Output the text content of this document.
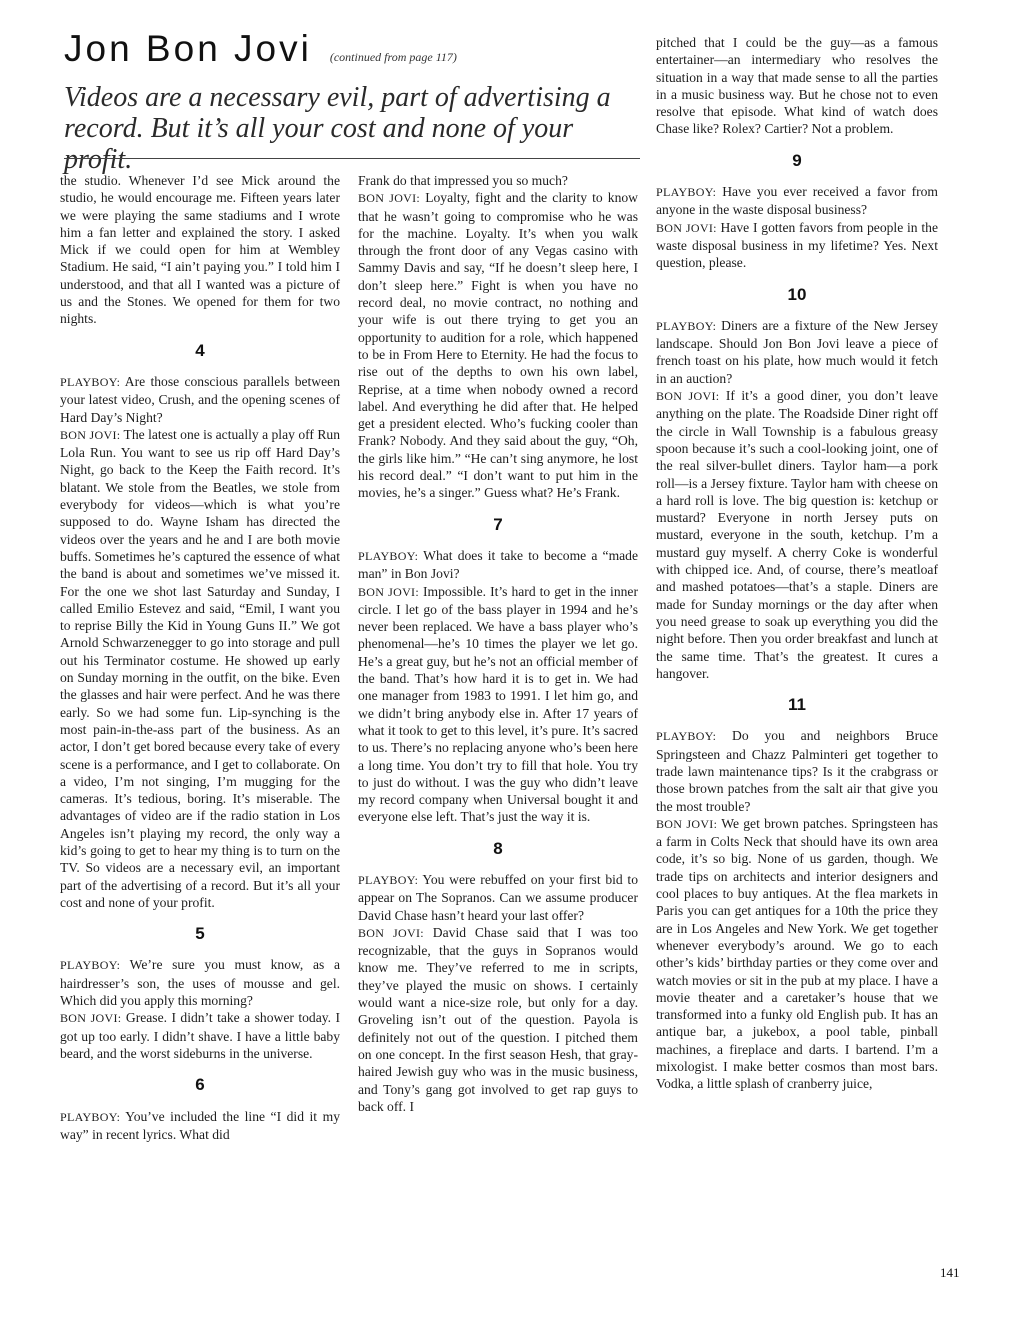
Jon Bon Jovi (continued from page 117)
Videos are a necessary evil, part of advertising a record. But it’s all your cost and none of your profit.

the studio. Whenever I’d see Mick around the studio, he would encourage me. Fifteen years later we were playing the same stadiums and I wrote him a fan letter and explained the story. I asked Mick if we could open for him at Wembley Stadium. He said, “I ain’t paying you.” I told him I understood, and that all I wanted was a picture of us and the Stones. We opened for them for two nights.

4

PLAYBOY: Are those conscious parallels between your latest video, Crush, and the opening scenes of Hard Day’s Night?

BON JOVI: The latest one is actually a play off Run Lola Run. You want to see us rip off Hard Day’s Night, go back to the Keep the Faith record. It’s blatant. We stole from the Beatles, we stole from everybody for videos—which is what you’re supposed to do. Wayne Isham has directed the videos over the years and he and I are both movie buffs. Sometimes he’s captured the essence of what the band is about and sometimes we’ve missed it. For the one we shot last Saturday and Sunday, I called Emilio Estevez and said, “Emil, I want you to reprise Billy the Kid in Young Guns II.” We got Arnold Schwarzenegger to go into storage and pull out his Terminator costume. He showed up early on Sunday morning in the outfit, on the bike. Even the glasses and hair were perfect. And he was there early. So we had some fun. Lip-synching is the most pain-in-the-ass part of the business. As an actor, I don’t get bored because every take of every scene is a performance, and I get to collaborate. On a video, I’m not singing, I’m mugging for the cameras. It’s tedious, boring. It’s miserable. The advantages of video are if the radio station in Los Angeles isn’t playing my record, the only way a kid’s going to get to hear my thing is to turn on the TV. So videos are a necessary evil, an important part of the advertising of a record. But it’s all your cost and none of your profit.

5

PLAYBOY: We’re sure you must know, as a hairdresser’s son, the uses of mousse and gel. Which did you apply this morning?

BON JOVI: Grease. I didn’t take a shower today. I got up too early. I didn’t shave. I have a little baby beard, and the worst sideburns in the universe.

6

PLAYBOY: You’ve included the line “I did it my way” in recent lyrics. What did

Frank do that impressed you so much?

BON JOVI: Loyalty, fight and the clarity to know that he wasn’t going to compromise who he was for the machine. Loyalty. It’s when you walk through the front door of any Vegas casino with Sammy Davis and say, “If he doesn’t sleep here, I don’t sleep here.” Fight is when you have no record deal, no movie contract, no nothing and your wife is out there trying to get you an opportunity to audition for a role, which happened to be in From Here to Eternity. He had the focus to rise out of the depths to own his own label, Reprise, at a time when nobody owned a record label. And everything he did after that. He helped get a president elected. Who’s fucking cooler than Frank? Nobody. And they said about the guy, “Oh, the girls like him.” “He can’t sing anymore, he lost his record deal.” “I don’t want to put him in the movies, he’s a singer.” Guess what? He’s Frank.

7

PLAYBOY: What does it take to become a “made man” in Bon Jovi?

BON JOVI: Impossible. It’s hard to get in the inner circle. I let go of the bass player in 1994 and he’s never been replaced. We have a bass player who’s phenomenal—he’s 10 times the player we let go. He’s a great guy, but he’s not an official member of the band. That’s how hard it is to get in. We had one manager from 1983 to 1991. I let him go, and we didn’t bring anybody else in. After 17 years of what it took to get to this level, it’s pure. It’s sacred to us. There’s no replacing anyone who’s been here a long time. You don’t try to fill that hole. You try to just do without. I was the guy who didn’t leave my record company when Universal bought it and everyone else left. That’s just the way it is.

8

PLAYBOY: You were rebuffed on your first bid to appear on The Sopranos. Can we assume producer David Chase hasn’t heard your last offer?

BON JOVI: David Chase said that I was too recognizable, that the guys in Sopranos would know me. They’ve referred to me in scripts, they’ve played the music on shows. I certainly would want a nice-size role, but only for a day. Groveling isn’t out of the question. Payola is definitely not out of the question. I pitched them on one concept. In the first season Hesh, that gray-haired Jewish guy who was in the music business, and Tony’s gang got involved to get rap guys to back off. I

pitched that I could be the guy—as a famous entertainer—an intermediary who resolves the situation in a way that made sense to all the parties in a music business way. But he chose not to even resolve that episode. What kind of watch does Chase like? Rolex? Cartier? Not a problem.

9

PLAYBOY: Have you ever received a favor from anyone in the waste disposal business?

BON JOVI: Have I gotten favors from people in the waste disposal business in my lifetime? Yes. Next question, please.

10

PLAYBOY: Diners are a fixture of the New Jersey landscape. Should Jon Bon Jovi leave a piece of french toast on his plate, how much would it fetch in an auction?

BON JOVI: If it’s a good diner, you don’t leave anything on the plate. The Roadside Diner right off the circle in Wall Township is a fabulous greasy spoon because it’s such a cool-looking joint, one of the real silver-bullet diners. Taylor ham—a pork roll—is a Jersey fixture. Taylor ham with cheese on a hard roll is love. The big question is: ketchup or mustard? Everyone in north Jersey puts on mustard, everyone in the south, ketchup. I’m a mustard guy myself. A cherry Coke is wonderful with chipped ice. And, of course, there’s meatloaf and mashed potatoes—that’s a staple. Diners are made for Sunday mornings or the day after when you need grease to soak up everything you did the night before. Then you order breakfast and lunch at the same time. That’s the greatest. It cures a hangover.

11

PLAYBOY: Do you and neighbors Bruce Springsteen and Chazz Palminteri get together to trade lawn maintenance tips? Is it the crabgrass or those brown patches from the salt air that give you the most trouble?

BON JOVI: We get brown patches. Springsteen has a farm in Colts Neck that should have its own area code, it’s so big. None of us garden, though. We trade tips on architects and interior designers and cool places to buy antiques. At the flea markets in Paris you can get antiques for a 10th the price they are in Los Angeles and New York. We get together whenever everybody’s around. We go to each other’s kids’ birthday parties or they come over and watch movies or sit in the pub at my place. I have a movie theater and a caretaker’s house that we transformed into a funky old English pub. It has an antique bar, a jukebox, a pool table, pinball machines, a fireplace and darts. I bartend. I’m a mixologist. I make better cosmos than most bars. Vodka, a little splash of cranberry juice,

141
